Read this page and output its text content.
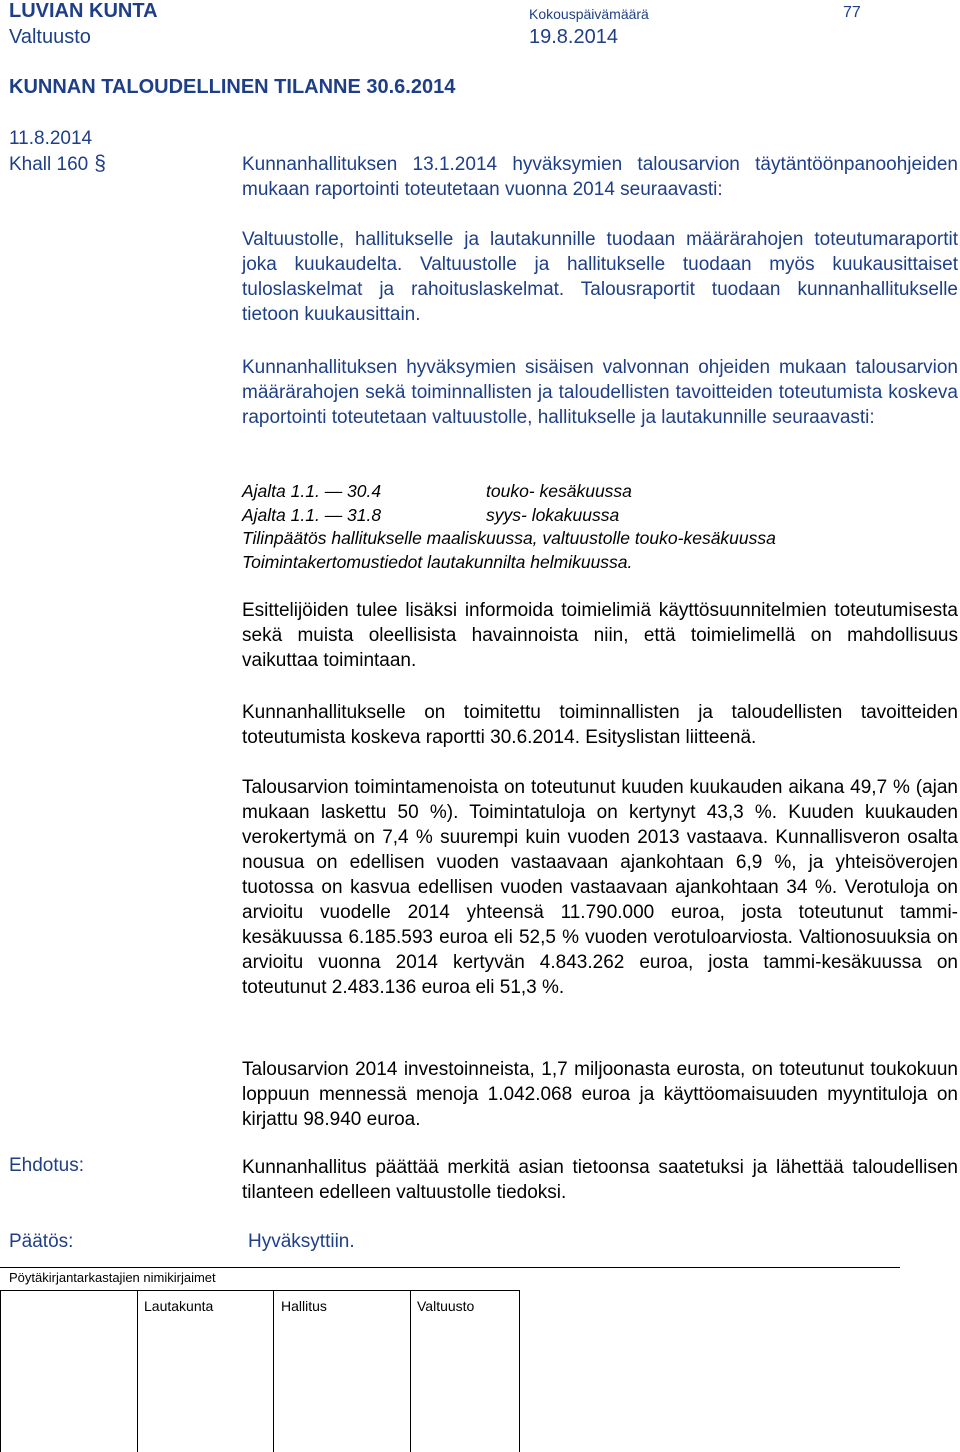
LUVIAN KUNTA
Valtuusto
Kokouspäivämäärä
19.8.2014
77
KUNNAN TALOUDELLINEN TILANNE 30.6.2014
11.8.2014
Khall 160 §	Kunnanhallituksen 13.1.2014 hyväksymien talousarvion täytäntöönpanoohjeiden mukaan raportointi toteutetaan vuonna 2014 seuraavasti:
Valtuustolle, hallitukselle ja lautakunnille tuodaan määrärahojen toteutumaraportit joka kuukaudelta. Valtuustolle ja hallitukselle tuodaan myös kuukausittaiset tuloslaskelmat ja rahoituslaskelmat. Talousraportit tuodaan kunnanhallitukselle tietoon kuukausittain.
Kunnanhallituksen hyväksymien sisäisen valvonnan ohjeiden mukaan talousarvion määrärahojen sekä toiminnallisten ja taloudellisten tavoitteiden toteutumista koskeva raportointi toteutetaan valtuustolle, hallitukselle ja lautakunnille seuraavasti:
Ajalta 1.1. — 30.4	touko- kesäkuussa
Ajalta 1.1. — 31.8	syys- lokakuussa
Tilinpäätös hallitukselle maaliskuussa, valtuustolle touko-kesäkuussa
Toimintakertomustiedot lautakunnilta helmikuussa.
Esittelijöiden tulee lisäksi informoida toimielimiä käyttösuunnitelmien toteutumisesta sekä muista oleellisista havainnoista niin, että toimielimellä on mahdollisuus vaikuttaa toimintaan.
Kunnanhallitukselle on toimitettu toiminnallisten ja taloudellisten tavoitteiden toteutumista koskeva raportti 30.6.2014. Esityslistan liitteenä.
Talousarvion toimintamenoista on toteutunut kuuden kuukauden aikana 49,7 % (ajan mukaan laskettu 50 %). Toimintatuloja on kertynyt 43,3 %. Kuuden kuukauden verokertymä on 7,4 % suurempi kuin vuoden 2013 vastaava. Kunnallisveron osalta nousua on edellisen vuoden vastaavaan ajankohtaan 6,9 %, ja yhteisöverojen tuotossa on kasvua edellisen vuoden vastaavaan ajankohtaan 34 %. Verotuloja on arvioitu vuodelle 2014 yhteensä 11.790.000 euroa, josta toteutunut tammi-kesäkuussa 6.185.593 euroa eli 52,5 % vuoden verotuloarviosta. Valtionosuuksia on arvioitu vuonna 2014 kertyvän 4.843.262 euroa, josta tammi-kesäkuussa on toteutunut 2.483.136 euroa eli 51,3 %.
Talousarvion 2014 investoinneista, 1,7 miljoonasta eurosta, on toteutunut toukokuun loppuun mennessä menoja 1.042.068 euroa ja käyttöomaisuuden myyntituloja on kirjattu 98.940 euroa.
Ehdotus:	Kunnanhallitus päättää merkitä asian tietoonsa saatetuksi ja lähettää taloudellisen tilanteen edelleen valtuustolle tiedoksi.
Päätös:	Hyväksyttiin.
Pöytäkirjantarkastajien nimikirjaimet
Lautakunta	Hallitus	Valtuusto
